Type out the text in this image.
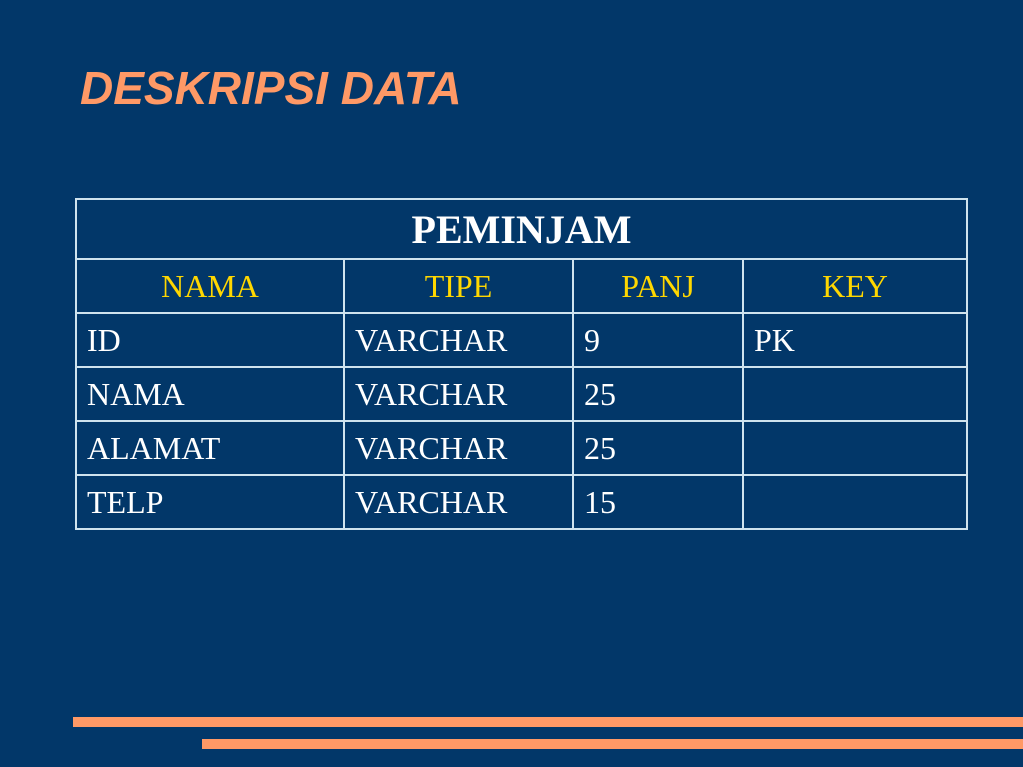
DESKRIPSI DATA
PEMINJAM			
NAMA	TIPE	PANJ	KEY
ID	VARCHAR	9	PK
NAMA	VARCHAR	25	
ALAMAT	VARCHAR	25	
TELP	VARCHAR	15	
